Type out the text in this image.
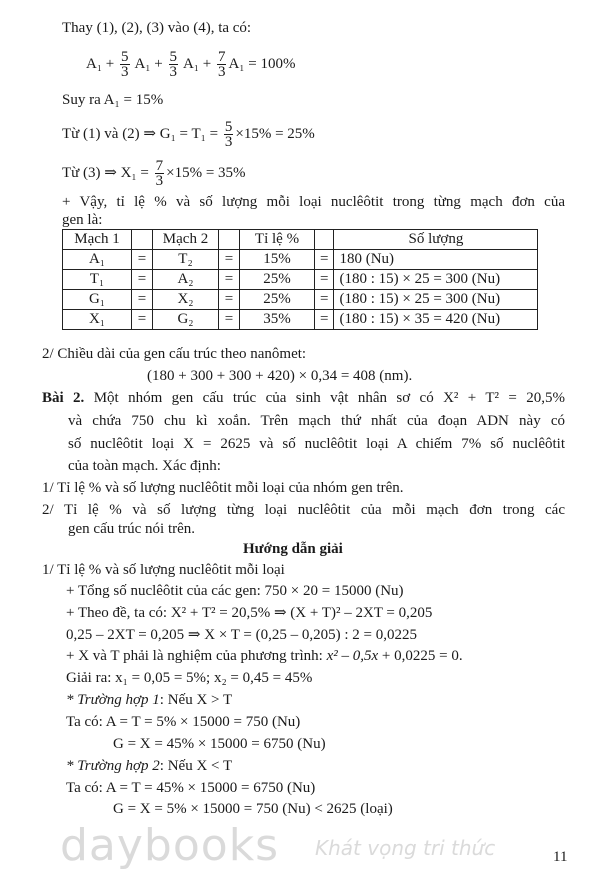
Thay (1), (2), (3) vào (4), ta có:
$A_1 + \frac{5}{3} A_1 + \frac{5}{3} A_1 + \frac{7}{3} A_1 = 100\%$
Suy ra A₁ = 15%
Từ (1) và (2) ⇒ $G_1 = T_1 = \frac{5}{3} \times 15\% = 25\%$
Từ (3) ⇒ $X_1 = \frac{7}{3} \times 15\% = 35\%$
+ Vậy, tỉ lệ % và số lượng mỗi loại nuclêôtit trong từng mạch đơn của
gen là:
Mạch 1		Mạch 2		Tỉ lệ %		Số lượng
A₁	=	T₂	=	15%	=	180 (Nu)
T₁	=	A₂	=	25%	=	(180 : 15) × 25 = 300 (Nu)
G₁	=	X₂	=	25%	=	(180 : 15) × 25 = 300 (Nu)
X₁	=	G₂	=	35%	=	(180 : 15) × 35 = 420 (Nu)
2/ Chiều dài của gen cấu trúc theo nanômet:
(180 + 300 + 300 + 420) × 0,34 = 408 (nm).
Bài 2. Một nhóm gen cấu trúc của sinh vật nhân sơ có X² + T² = 20,5%
và chứa 750 chu kì xoắn. Trên mạch thứ nhất của đoạn ADN này có
số nuclêôtit loại X = 2625 và số nuclêôtit loại A chiếm 7% số nuclêôtit
của toàn mạch. Xác định:
1/ Tỉ lệ % và số lượng nuclêôtit mỗi loại của nhóm gen trên.
2/ Tỉ lệ % và số lượng từng loại nuclêôtit của mỗi mạch đơn trong các
gen cấu trúc nói trên.
Hướng dẫn giải
1/ Tỉ lệ % và số lượng nuclêôtit mỗi loại
+ Tổng số nuclêôtit của các gen: 750 × 20 = 15000 (Nu)
+ Theo đề, ta có: X² + T² = 20,5% ⇒ (X + T)² – 2XT = 0,205
0,25 – 2XT = 0,205 ⇒ X × T = (0,25 – 0,205) : 2 = 0,0225
+ X và T phải là nghiệm của phương trình: x² – 0,5x + 0,0225 = 0.
Giải ra: x₁ = 0,05 = 5%; x₂ = 0,45 = 45%
* Trường hợp 1: Nếu X > T
Ta có: A = T = 5% × 15000 = 750 (Nu)
G = X = 45% × 15000 = 6750 (Nu)
* Trường hợp 2: Nếu X < T
Ta có: A = T = 45% × 15000 = 6750 (Nu)
G = X = 5% × 15000 = 750 (Nu) < 2625 (loại)
daybooks Khát vọng tri thức	11
